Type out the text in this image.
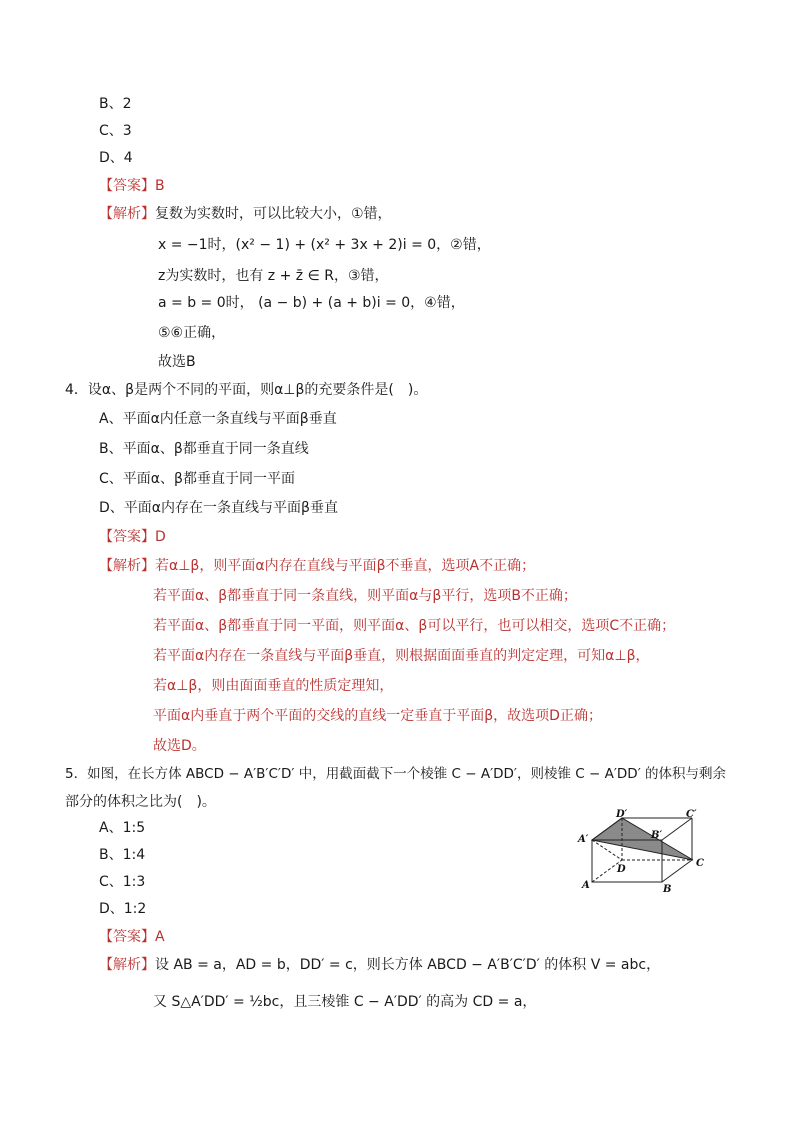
B、2
C、3
D、4
【答案】B
【解析】复数为实数时，可以比较大小，①错，
x = −1时，(x² − 1) + (x² + 3x + 2)i = 0，②错，
z为实数时，也有 z + z̄ ∈ R，③错，
a = b = 0时， (a − b) + (a + b)i = 0，④错，
⑤⑥正确，
故选B
4．设α、β是两个不同的平面，则α⊥β的充要条件是(　)。
A、平面α内任意一条直线与平面β垂直
B、平面α、β都垂直于同一条直线
C、平面α、β都垂直于同一平面
D、平面α内存在一条直线与平面β垂直
【答案】D
【解析】若α⊥β，则平面α内存在直线与平面β不垂直，选项A不正确；
若平面α、β都垂直于同一条直线，则平面α与β平行，选项B不正确；
若平面α、β都垂直于同一平面，则平面α、β可以平行，也可以相交，选项C不正确；
若平面α内存在一条直线与平面β垂直，则根据面面垂直的判定定理，可知α⊥β，
若α⊥β，则由面面垂直的性质定理知，
平面α内垂直于两个平面的交线的直线一定垂直于平面β，故选项D正确；
故选D。
5．如图，在长方体 ABCD − A′B′C′D′ 中，用截面截下一个棱锥 C − A′DD′，则棱锥 C − A′DD′ 的体积与剩余
部分的体积之比为(　)。
A、1:5
B、1:4
C、1:3
D、1:2
D′	C′
A′	B′
C
D
A	B
【答案】A
【解析】设 AB = a，AD = b，DD′ = c，则长方体 ABCD − A′B′C′D′ 的体积 V = abc，
又 S△A′DD′ = ½bc，且三棱锥 C − A′DD′ 的高为 CD = a，
